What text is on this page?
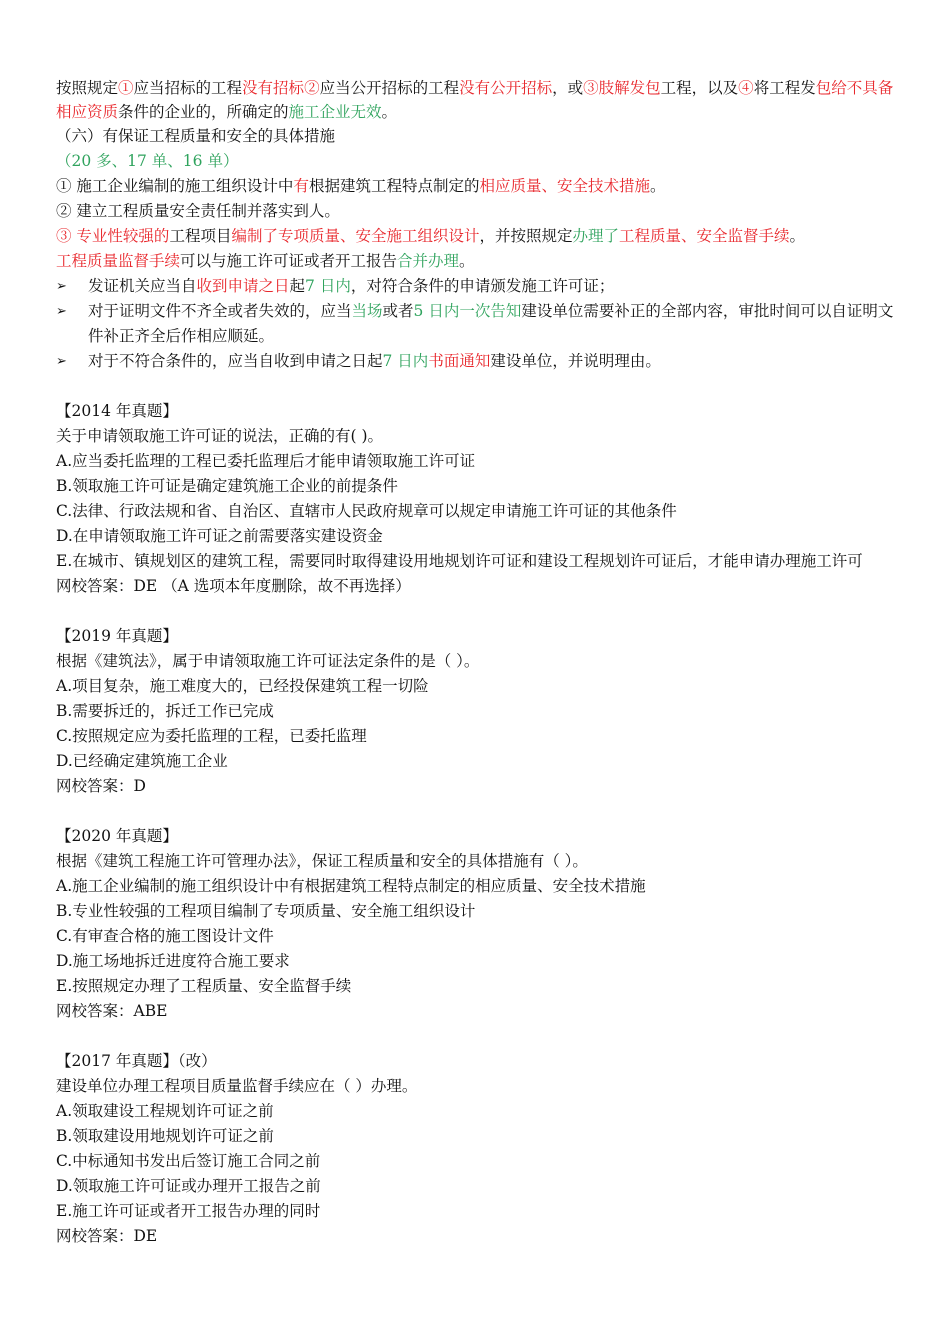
按照规定①应当招标的工程没有招标②应当公开招标的工程没有公开招标，或③肢解发包工程，以及④将工程发包给不具备相应资质条件的企业的，所确定的施工企业无效。
（六）有保证工程质量和安全的具体措施
（20 多、17 单、16 单）
① 施工企业编制的施工组织设计中有根据建筑工程特点制定的相应质量、安全技术措施。
② 建立工程质量安全责任制并落实到人。
③ 专业性较强的工程项目编制了专项质量、安全施工组织设计，并按照规定办理了工程质量、安全监督手续。
工程质量监督手续可以与施工许可证或者开工报告合并办理。
➢ 发证机关应当自收到申请之日起7 日内，对符合条件的申请颁发施工许可证；
➢ 对于证明文件不齐全或者失效的，应当当场或者5 日内一次告知建设单位需要补正的全部内容，审批时间可以自证明文件补正齐全后作相应顺延。
➢ 对于不符合条件的，应当自收到申请之日起7 日内书面通知建设单位，并说明理由。
【2014 年真题】
关于申请领取施工许可证的说法，正确的有( )。
A.应当委托监理的工程已委托监理后才能申请领取施工许可证
B.领取施工许可证是确定建筑施工企业的前提条件
C.法律、行政法规和省、自治区、直辖市人民政府规章可以规定申请施工许可证的其他条件
D.在申请领取施工许可证之前需要落实建设资金
E.在城市、镇规划区的建筑工程，需要同时取得建设用地规划许可证和建设工程规划许可证后，才能申请办理施工许可
网校答案：DE （A 选项本年度删除，故不再选择）
【2019 年真题】
根据《建筑法》，属于申请领取施工许可证法定条件的是（ ）。
A.项目复杂，施工难度大的，已经投保建筑工程一切险
B.需要拆迁的，拆迁工作已完成
C.按照规定应为委托监理的工程，已委托监理
D.已经确定建筑施工企业
网校答案：D
【2020 年真题】
根据《建筑工程施工许可管理办法》，保证工程质量和安全的具体措施有（ ）。
A.施工企业编制的施工组织设计中有根据建筑工程特点制定的相应质量、安全技术措施
B.专业性较强的工程项目编制了专项质量、安全施工组织设计
C.有审查合格的施工图设计文件
D.施工场地拆迁进度符合施工要求
E.按照规定办理了工程质量、安全监督手续
网校答案：ABE
【2017 年真题】（改）
建设单位办理工程项目质量监督手续应在（ ）办理。
A.领取建设工程规划许可证之前
B.领取建设用地规划许可证之前
C.中标通知书发出后签订施工合同之前
D.领取施工许可证或办理开工报告之前
E.施工许可证或者开工报告办理的同时
网校答案：DE
